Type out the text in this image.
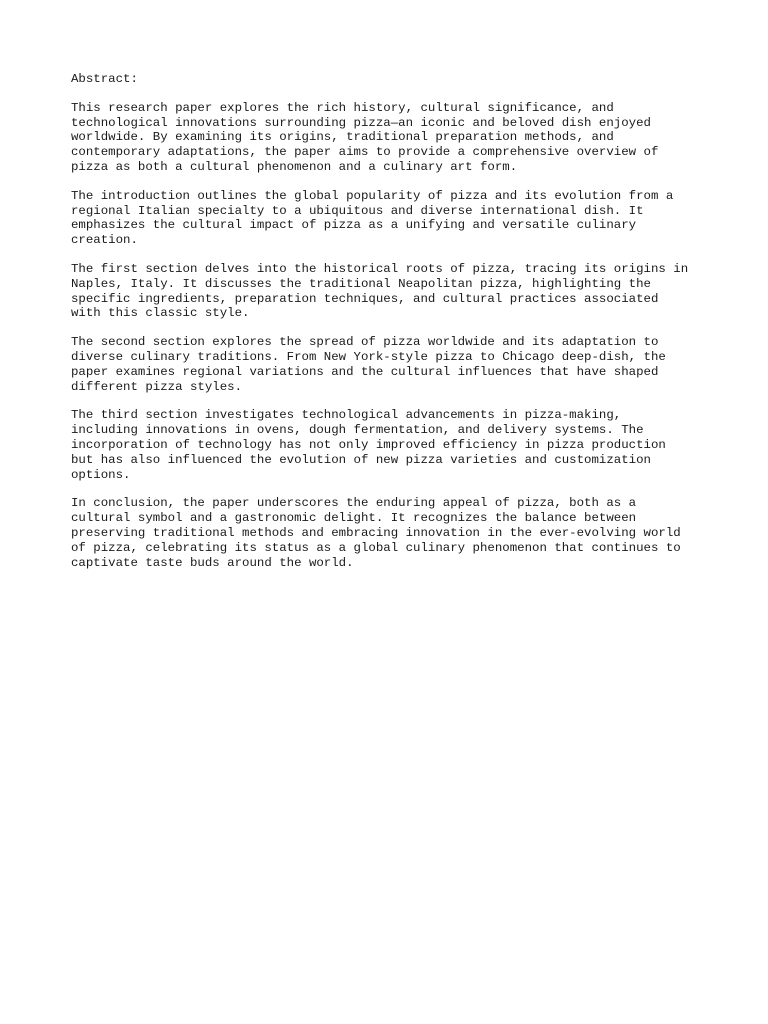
Abstract:
This research paper explores the rich history, cultural significance, and
technological innovations surrounding pizza—an iconic and beloved dish enjoyed
worldwide. By examining its origins, traditional preparation methods, and
contemporary adaptations, the paper aims to provide a comprehensive overview of
pizza as both a cultural phenomenon and a culinary art form.
The introduction outlines the global popularity of pizza and its evolution from a
regional Italian specialty to a ubiquitous and diverse international dish. It
emphasizes the cultural impact of pizza as a unifying and versatile culinary
creation.
The first section delves into the historical roots of pizza, tracing its origins in
Naples, Italy. It discusses the traditional Neapolitan pizza, highlighting the
specific ingredients, preparation techniques, and cultural practices associated
with this classic style.
The second section explores the spread of pizza worldwide and its adaptation to
diverse culinary traditions. From New York-style pizza to Chicago deep-dish, the
paper examines regional variations and the cultural influences that have shaped
different pizza styles.
The third section investigates technological advancements in pizza-making,
including innovations in ovens, dough fermentation, and delivery systems. The
incorporation of technology has not only improved efficiency in pizza production
but has also influenced the evolution of new pizza varieties and customization
options.
In conclusion, the paper underscores the enduring appeal of pizza, both as a
cultural symbol and a gastronomic delight. It recognizes the balance between
preserving traditional methods and embracing innovation in the ever-evolving world
of pizza, celebrating its status as a global culinary phenomenon that continues to
captivate taste buds around the world.
